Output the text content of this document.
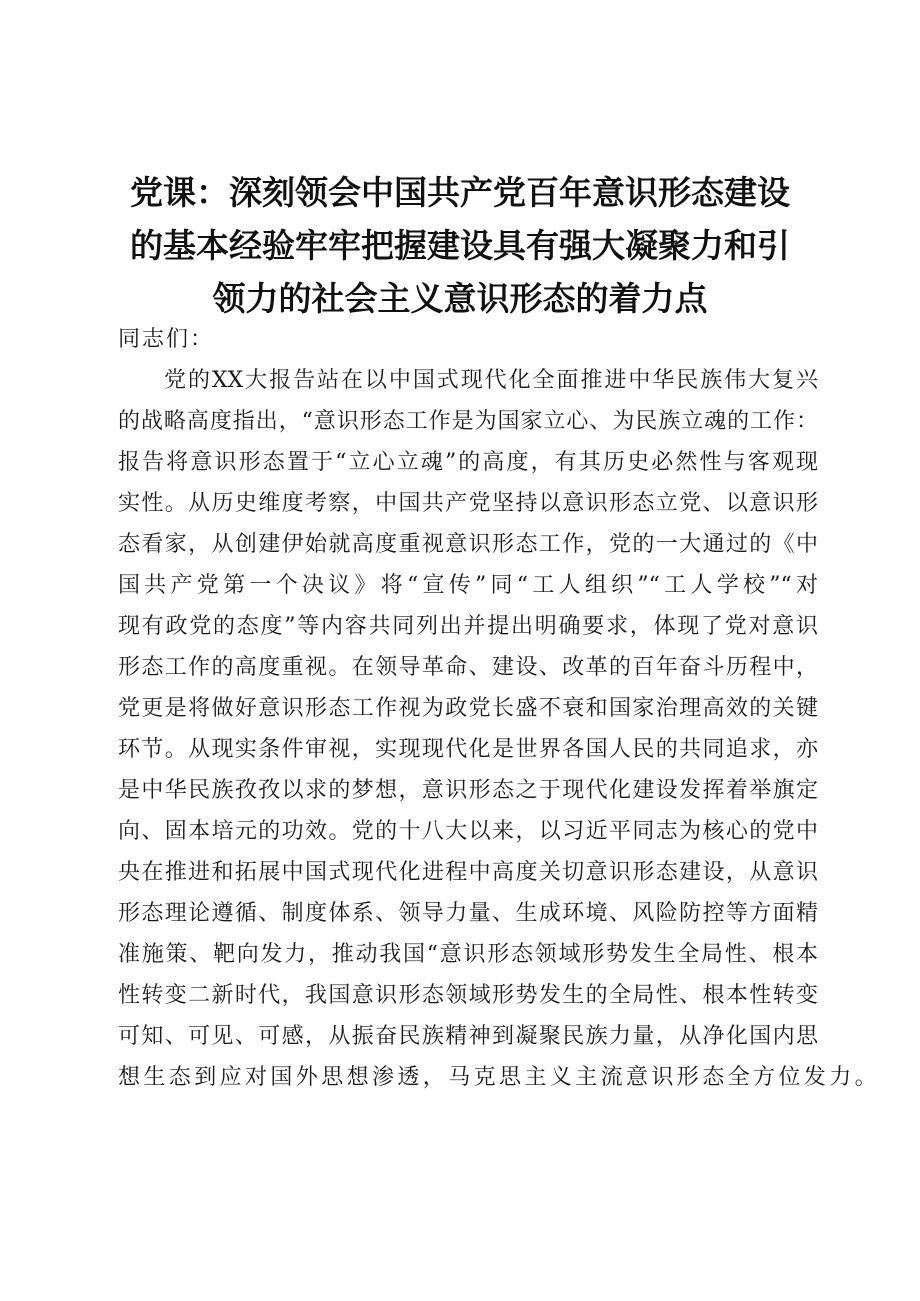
党课：深刻领会中国共产党百年意识形态建设
的基本经验牢牢把握建设具有强大凝聚力和引
领力的社会主义意识形态的着力点
同志们：
党的XX大报告站在以中国式现代化全面推进中华民族伟大复兴
的战略高度指出，“意识形态工作是为国家立心、为民族立魂的工作：
报告将意识形态置于“立心立魂”的高度，有其历史必然性与客观现
实性。从历史维度考察，中国共产党坚持以意识形态立党、以意识形
态看家，从创建伊始就高度重视意识形态工作，党的一大通过的《中
国共产党第一个决议》将“宣传”同“工人组织”“工人学校”“对
现有政党的态度”等内容共同列出并提出明确要求，体现了党对意识
形态工作的高度重视。在领导革命、建设、改革的百年奋斗历程中，
党更是将做好意识形态工作视为政党长盛不衰和国家治理高效的关键
环节。从现实条件审视，实现现代化是世界各国人民的共同追求，亦
是中华民族孜孜以求的梦想，意识形态之于现代化建设发挥着举旗定
向、固本培元的功效。党的十八大以来，以习近平同志为核心的党中
央在推进和拓展中国式现代化进程中高度关切意识形态建设，从意识
形态理论遵循、制度体系、领导力量、生成环境、风险防控等方面精
准施策、靶向发力，推动我国“意识形态领域形势发生全局性、根本
性转变二新时代，我国意识形态领域形势发生的全局性、根本性转变
可知、可见、可感，从振奋民族精神到凝聚民族力量，从净化国内思
想生态到应对国外思想渗透，马克思主义主流意识形态全方位发力。
